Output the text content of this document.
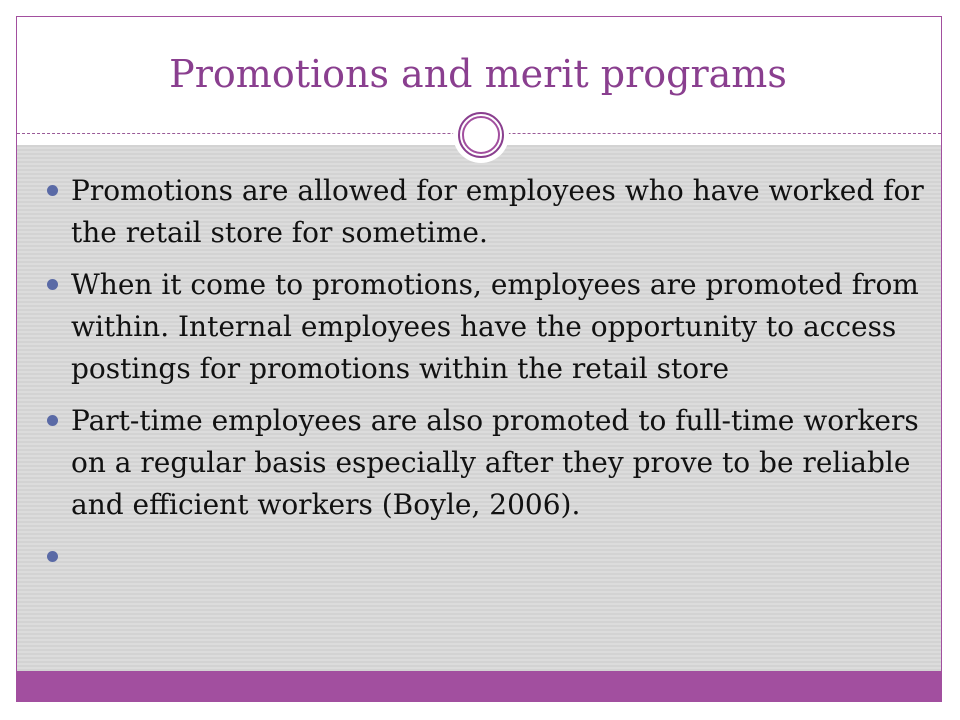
Promotions and merit programs
Promotions are allowed for employees who have worked for the retail store for sometime.
When it come to promotions, employees are promoted from within. Internal employees have the opportunity to access postings for promotions within the retail store
Part-time employees are also promoted to full-time workers on a regular basis especially after they prove to be reliable and efficient workers (Boyle, 2006).
